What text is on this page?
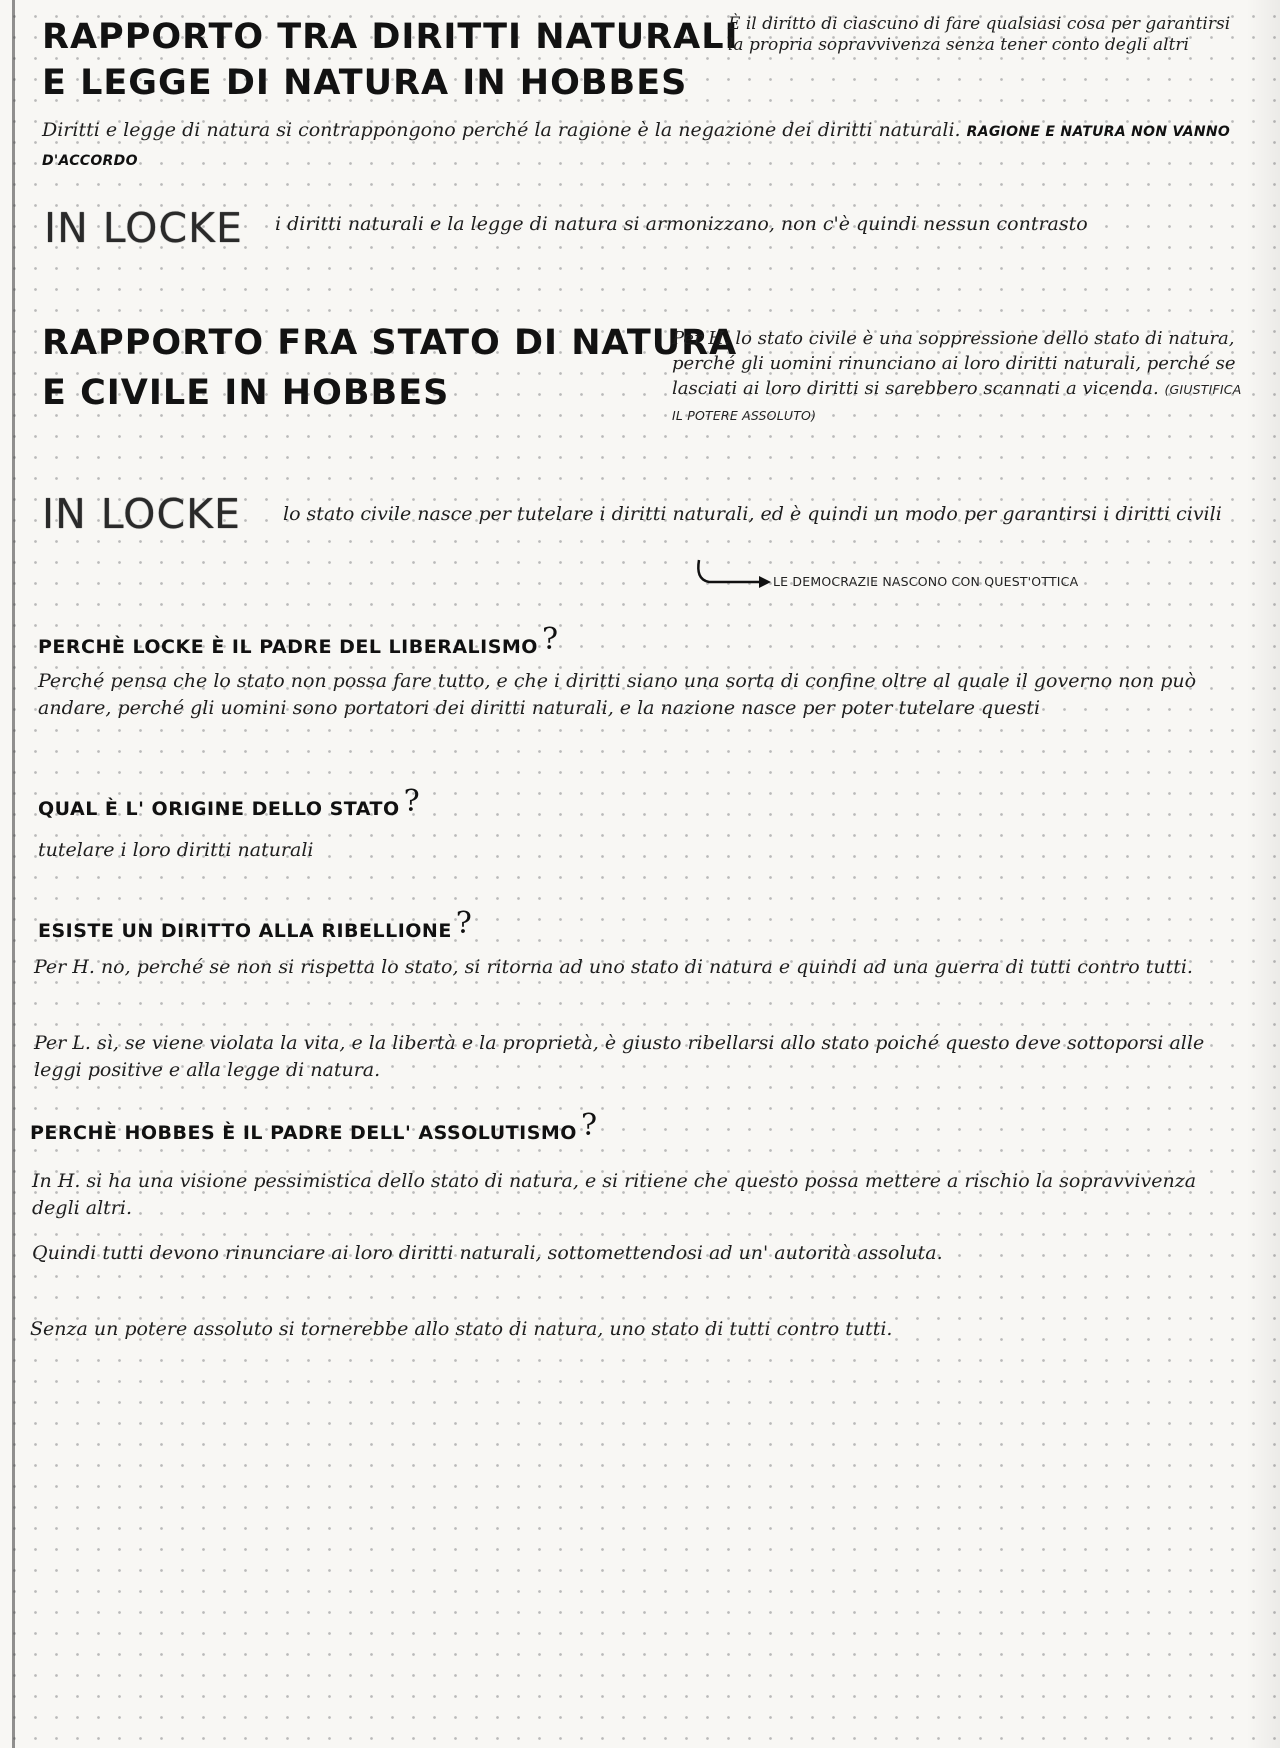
RAPPORTO TRA DIRITTI NATURALI
E LEGGE DI NATURA IN HOBBES

È il diritto di ciascuno di fare qualsiasi cosa per garantirsi la propria sopravvivenza senza tener conto degli altri

Diritti e legge di natura si contrappongono perché la ragione è la negazione dei diritti naturali. RAGIONE E NATURA NON VANNO D'ACCORDO

IN LOCKE i diritti naturali e la legge di natura si armonizzano, non c'è quindi nessun contrasto

RAPPORTO FRA STATO DI NATURA
E CIVILE IN HOBBES

Per H. lo stato civile è una soppressione dello stato di natura, perché gli uomini rinunciano ai loro diritti naturali, perché se lasciati ai loro diritti si sarebbero scannati a vicenda. (GIUSTIFICA IL POTERE ASSOLUTO)

IN LOCKE lo stato civile nasce per tutelare i diritti naturali, ed è quindi un modo per garantirsi i diritti civili

LE DEMOCRAZIE NASCONO CON QUEST'OTTICA
PERCHÈ LOCKE È IL PADRE DEL LIBERALISMO ?

Perché pensa che lo stato non possa fare tutto, e che i diritti siano una sorta di confine oltre al quale il governo non può andare, perché gli uomini sono portatori dei diritti naturali, e la nazione nasce per poter tutelare questi

QUAL È L' ORIGINE DELLO STATO ?

tutelare i loro diritti naturali

ESISTE UN DIRITTO ALLA RIBELLIONE ?

Per H. no, perché se non si rispetta lo stato, si ritorna ad uno stato di natura e quindi ad una guerra di tutti contro tutti.

Per L. sì, se viene violata la vita, e la libertà e la proprietà, è giusto ribellarsi allo stato poiché questo deve sottoporsi alle leggi positive e alla legge di natura.

PERCHÈ HOBBES È IL PADRE DELL' ASSOLUTISMO ?

In H. si ha una visione pessimistica dello stato di natura, e si ritiene che questo possa mettere a rischio la sopravvivenza degli altri.

Quindi tutti devono rinunciare ai loro diritti naturali, sottomettendosi ad un' autorità assoluta.

Senza un potere assoluto si tornerebbe allo stato di natura, uno stato di tutti contro tutti.
